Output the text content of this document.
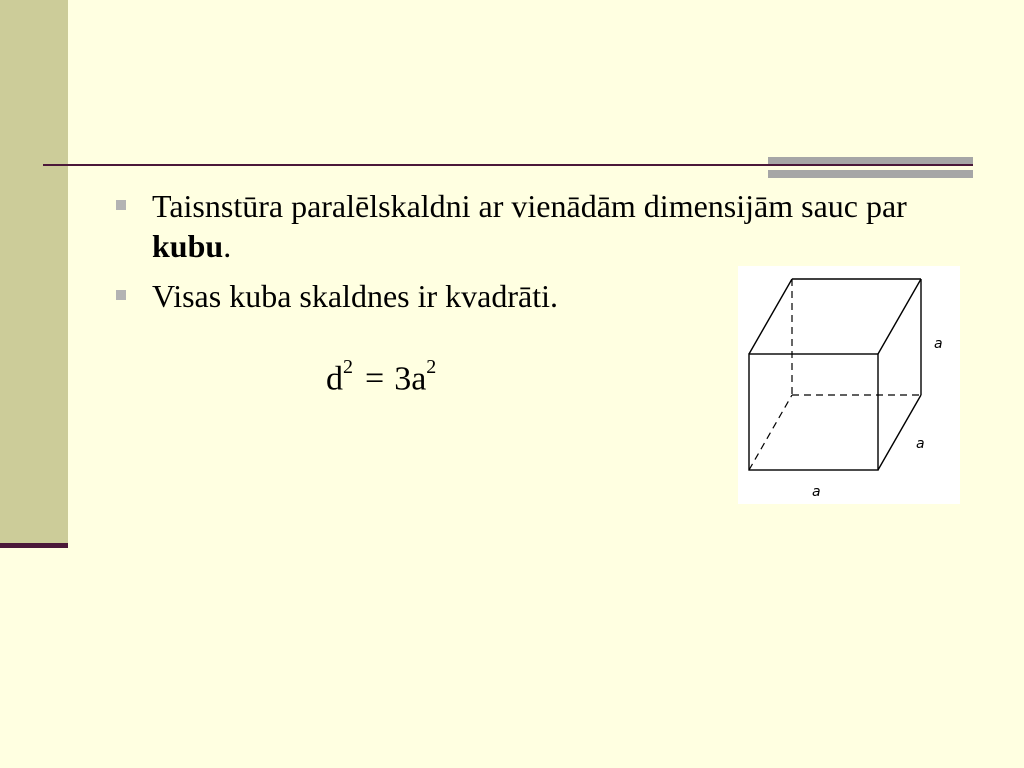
Taisnstūra paralēlskaldni ar vienādām dimensijām sauc par kubu.
Visas kuba skaldnes ir kvadrāti.
$d^2 = 3a^2$
a
a
a
